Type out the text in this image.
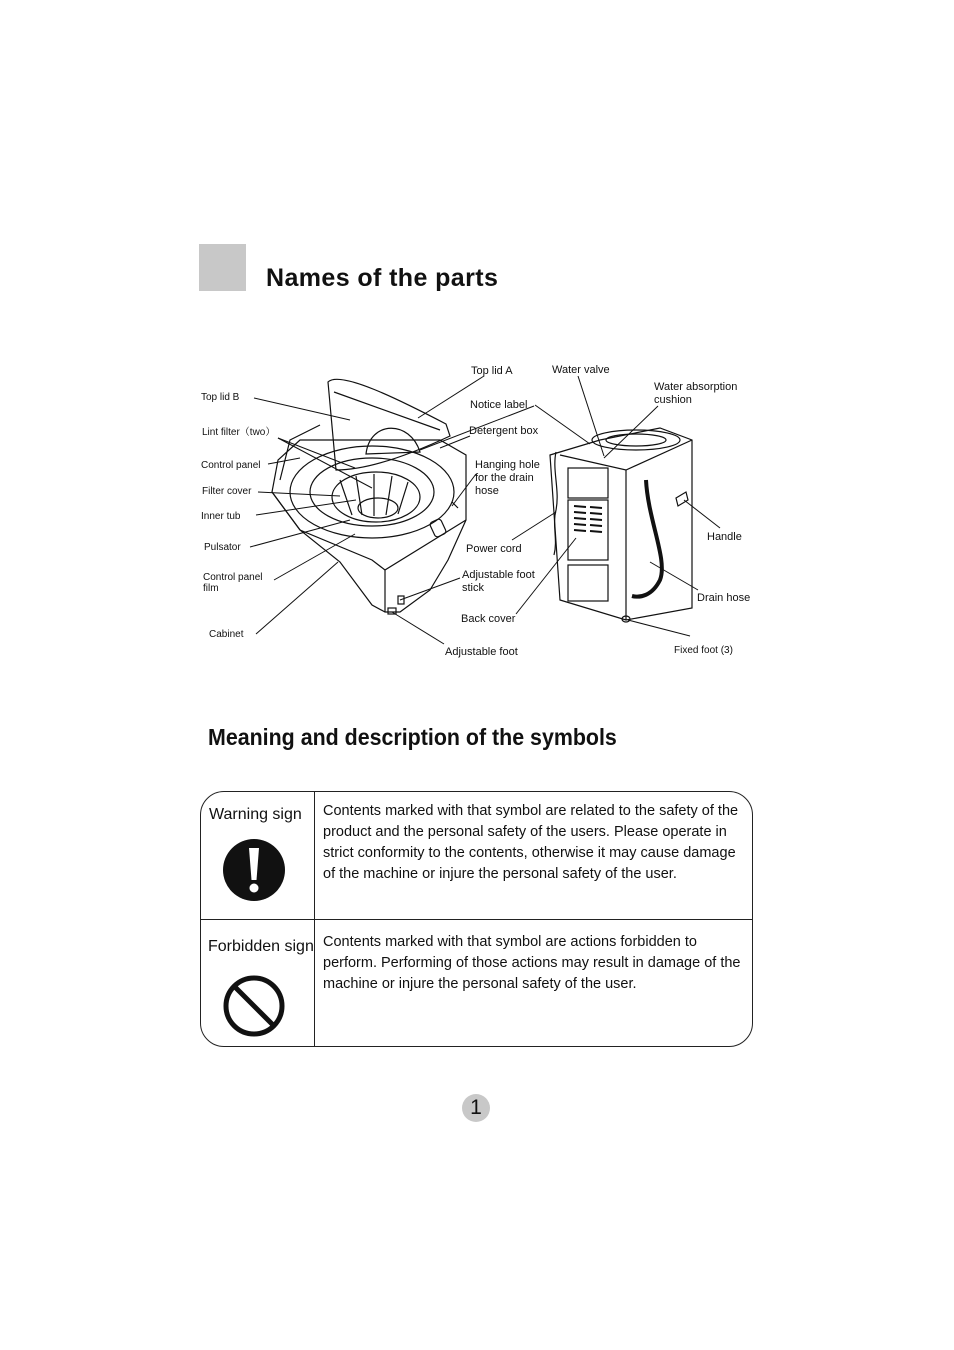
Names of the parts
Top lid B
Lint filter（two）
Control panel
Filter cover
Inner tub
Pulsator
Control panel
film
Cabinet
Top lid A
Notice label
Detergent box
Hanging hole
for the drain
hose
Power cord
Adjustable foot
stick
Back cover
Adjustable foot
Water valve
Water absorption
cushion
Handle
Drain hose
Fixed foot (3)
Meaning and description of the symbols
Warning sign Contents marked with that symbol are related to the safety of the product and the personal safety of the users. Please operate in strict conformity to the contents, otherwise it may cause damage of the machine or injure the personal safety of the user.
Forbidden sign Contents marked with that symbol are actions forbidden to perform. Performing of those actions may result in damage of the machine or injure the personal safety of the user.
1
